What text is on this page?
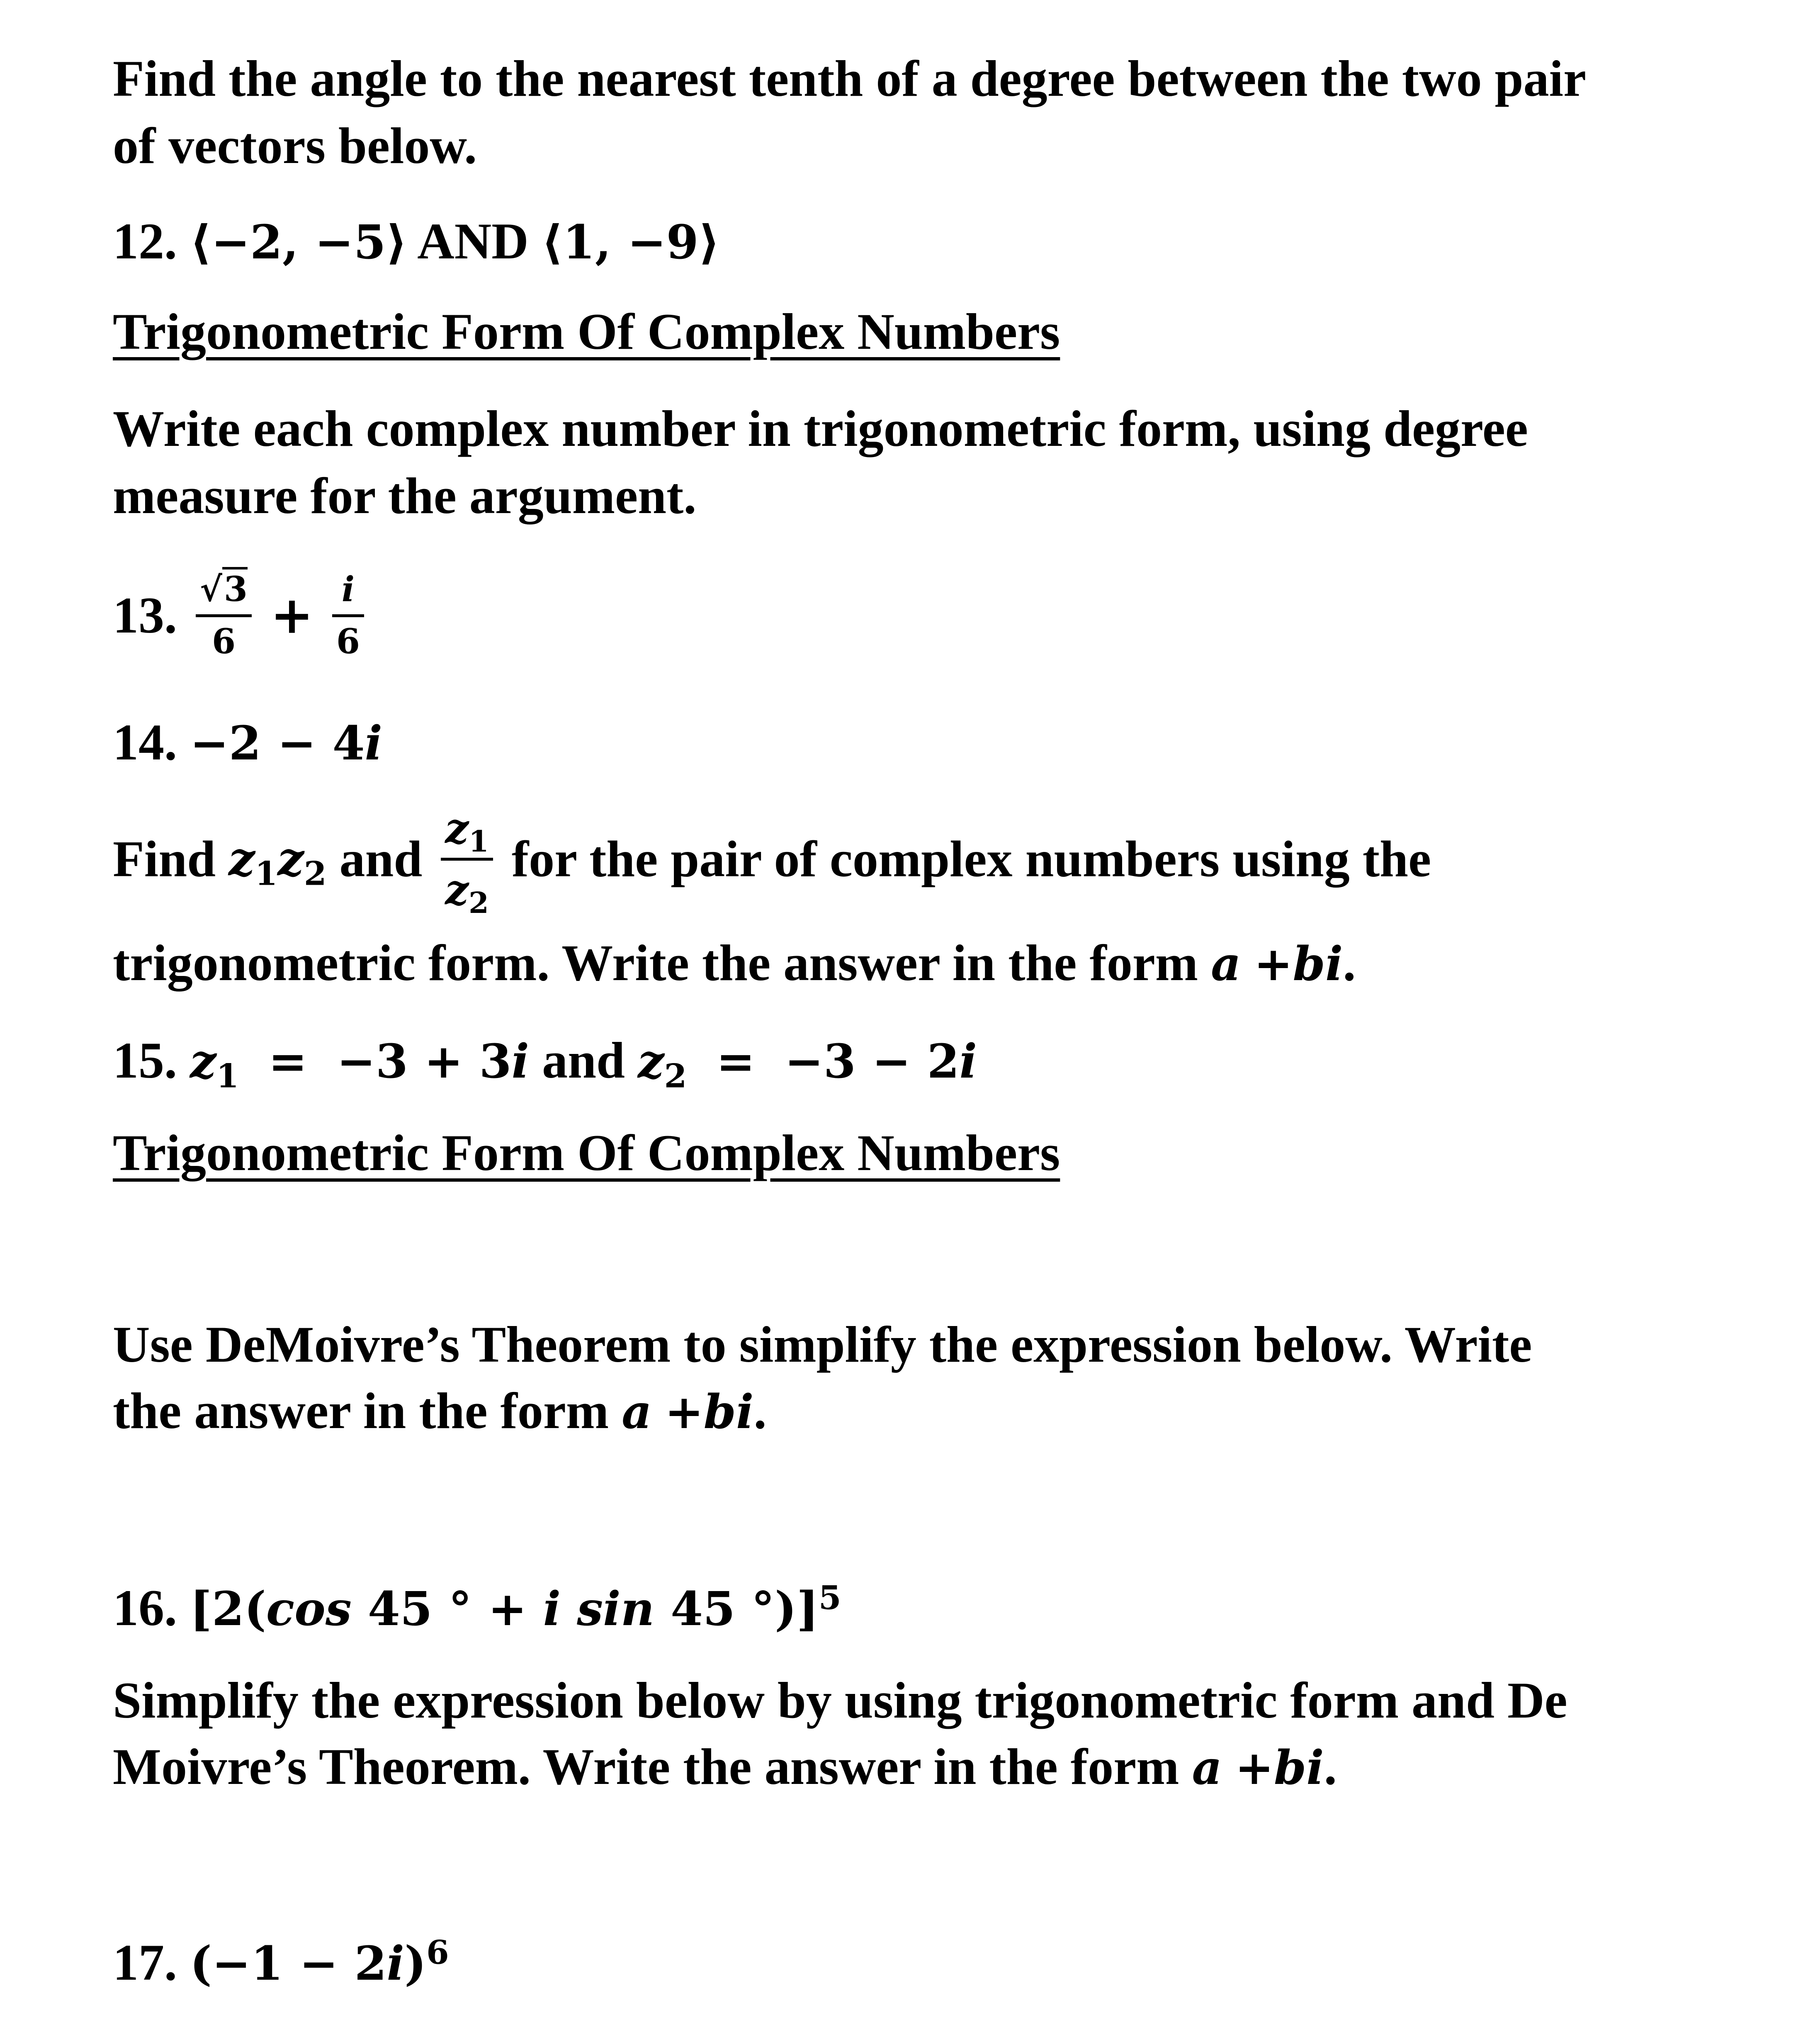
Find the angle to the nearest tenth of a degree between the two pair

of vectors below.

12. ⟨−2, −5⟩ AND ⟨1, −9⟩

Trigonometric Form Of Complex Numbers

Write each complex number in trigonometric form, using degree

measure for the argument.

13. $\frac{√3}{6} + \frac{i}{6}$

14. −2 − 4i

Find $z_1z_2$ and $\frac{z_1}{z_2}$ for the pair of complex numbers using the

trigonometric form. Write the answer in the form a +bi.

15. $z_1 = -3 + 3i$ and $z_2 = -3 - 2i$

Trigonometric Form Of Complex Numbers

Use DeMoivre’s Theorem to simplify the expression below. Write

the answer in the form a +bi.

16. [2(cos 45 ° + i sin 45 °)]$^5$

Simplify the expression below by using trigonometric form and De

Moivre’s Theorem. Write the answer in the form a +bi.

17. $(-1 - 2i)^6$
